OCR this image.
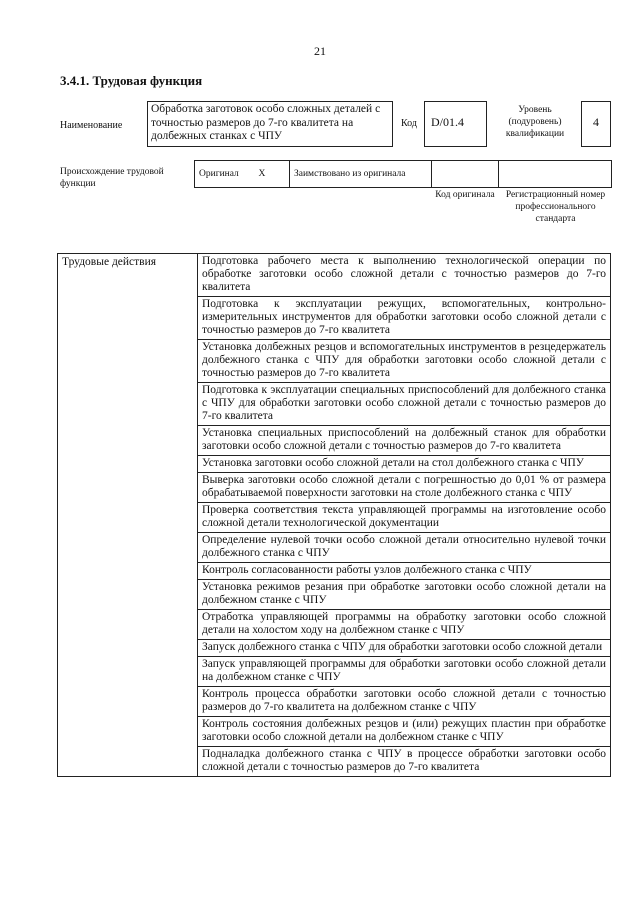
21
3.4.1. Трудовая функция
Наименование
Обработка заготовок особо сложных деталей с точностью размеров до 7-го квалитета на долбежных станках с ЧПУ
Код	D/01.4
Уровень (подуровень) квалификации
4
Происхождение трудовой функции
Оригинал	X	Заимствовано из оригинала		
Код оригинала	Регистрационный номер профессионального стандарта
Трудовые действия	Подготовка рабочего места к выполнению технологической операции по обработке заготовки особо сложной детали с точностью размеров до 7-го квалитета
Подготовка к эксплуатации режущих, вспомогательных, контрольно-измерительных инструментов для обработки заготовки особо сложной детали с точностью размеров до 7-го квалитета
Установка долбежных резцов и вспомогательных инструментов в резцедержатель долбежного станка с ЧПУ для обработки заготовки особо сложной детали с точностью размеров до 7-го квалитета
Подготовка к эксплуатации специальных приспособлений для долбежного станка с ЧПУ для обработки заготовки особо сложной детали с точностью размеров до 7-го квалитета
Установка специальных приспособлений на долбежный станок для обработки заготовки особо сложной детали с точностью размеров до 7-го квалитета
Установка заготовки особо сложной детали на стол долбежного станка с ЧПУ
Выверка заготовки особо сложной детали с погрешностью до 0,01 % от размера обрабатываемой поверхности заготовки на столе долбежного станка с ЧПУ
Проверка соответствия текста управляющей программы на изготовление особо сложной детали технологической документации
Определение нулевой точки особо сложной детали относительно нулевой точки долбежного станка с ЧПУ
Контроль согласованности работы узлов долбежного станка с ЧПУ
Установка режимов резания при обработке заготовки особо сложной детали на долбежном станке с ЧПУ
Отработка управляющей программы на обработку заготовки особо сложной детали на холостом ходу на долбежном станке с ЧПУ
Запуск долбежного станка с ЧПУ для обработки заготовки особо сложной детали
Запуск управляющей программы для обработки заготовки особо сложной детали на долбежном станке с ЧПУ
Контроль процесса обработки заготовки особо сложной детали с точностью размеров до 7-го квалитета на долбежном станке с ЧПУ
Контроль состояния долбежных резцов и (или) режущих пластин при обработке заготовки особо сложной детали на долбежном станке с ЧПУ
Подналадка долбежного станка с ЧПУ в процессе обработки заготовки особо сложной детали с точностью размеров до 7-го квалитета
